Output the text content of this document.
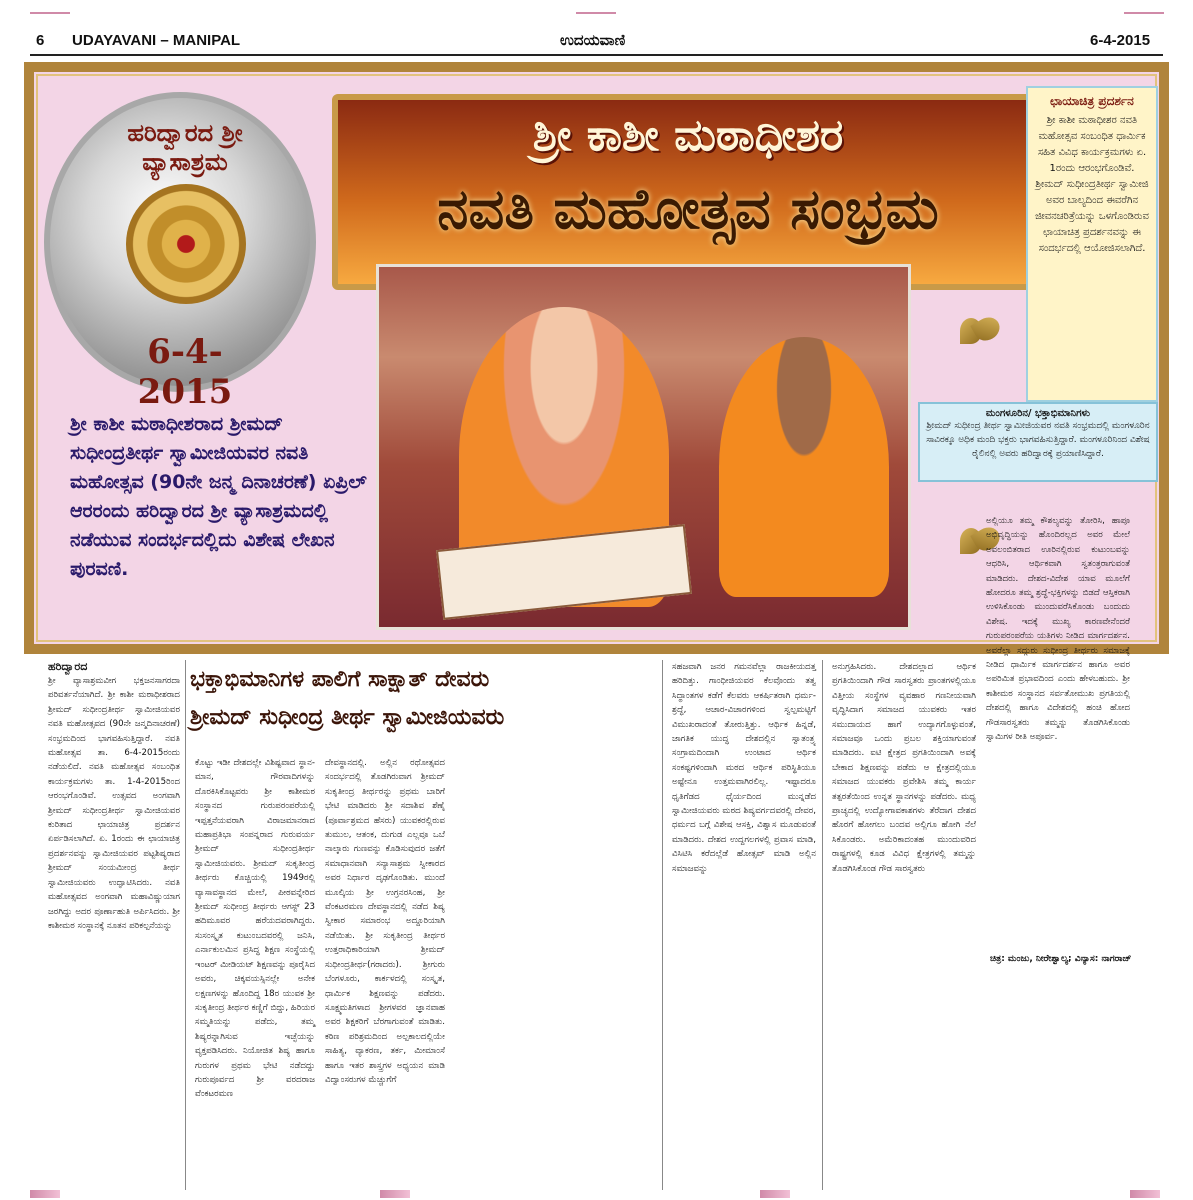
6 UDAYAVANI – MANIPAL	ಉದಯವಾಣಿ	6-4-2015
ಹರಿದ್ವಾರದ ಶ್ರೀ ವ್ಯಾಸಾಶ್ರಮ
6-4-2015
ಶ್ರೀ ಕಾಶೀ ಮಠಾಧೀಶರ
ನವತಿ ಮಹೋತ್ಸವ ಸಂಭ್ರಮ

ಶ್ರೀ ಕಾಶೀ ಮಠಾಧೀಶರಾದ ಶ್ರೀಮದ್ ಸುಧೀಂದ್ರತೀರ್ಥ ಸ್ವಾಮೀಜಿಯವರ ನವತಿ ಮಹೋತ್ಸವ (90ನೇ ಜನ್ಮ ದಿನಾಚರಣೆ) ಏಪ್ರಿಲ್ ಆರರಂದು ಹರಿದ್ವಾರದ ಶ್ರೀ ವ್ಯಾಸಾಶ್ರಮದಲ್ಲಿ ನಡೆಯುವ ಸಂದರ್ಭದಲ್ಲಿದು ವಿಶೇಷ ಲೇಖನ ಪುರವಣಿ.

ಛಾಯಾಚಿತ್ರ ಪ್ರದರ್ಶನ

ಶ್ರೀ ಕಾಶೀ ಮಠಾಧೀಶರ ನವತಿ ಮಹೋತ್ಸವ ಸಂಬಂಧಿತ ಧಾರ್ಮಿಕ ಸಹಿತ ವಿವಿಧ ಕಾರ್ಯಕ್ರಮಗಳು ಏ. 1ರಂದು ಆರಂಭಗೊಂಡಿವೆ. ಶ್ರೀಮದ್ ಸುಧೀಂದ್ರತೀರ್ಥ ಸ್ವಾಮೀಜಿ ಅವರ ಬಾಲ್ಯದಿಂದ ಈವರೆಗಿನ ಜೀವನಚರಿತ್ರೆಯನ್ನು ಒಳಗೊಂಡಿರುವ ಛಾಯಾಚಿತ್ರ ಪ್ರದರ್ಶನವನ್ನು ಈ ಸಂದರ್ಭದಲ್ಲಿ ಆಯೋಜಿಸಲಾಗಿದೆ.

ಮಂಗಳೂರಿನ/ ಭಕ್ತಾಭಿಮಾನಿಗಳು

ಶ್ರೀಮದ್ ಸುಧೀಂದ್ರ ತೀರ್ಥ ಸ್ವಾಮೀಜಿಯವರ ನವತಿ ಸಂಭ್ರಮದಲ್ಲಿ ಮಂಗಳೂರಿನ ಸಾವಿರಕ್ಕೂ ಅಧಿಕ ಮಂದಿ ಭಕ್ತರು ಭಾಗವಹಿಸುತ್ತಿದ್ದಾರೆ. ಮಂಗಳೂರಿನಿಂದ ವಿಶೇಷ ರೈಲಿನಲ್ಲಿ ಅವರು ಹರಿದ್ವಾರಕ್ಕೆ ಪ್ರಯಾಣಿಸಿದ್ದಾರೆ.

ಹರಿದ್ವಾರದ
ಶ್ರೀ ವ್ಯಾಸಾಶ್ರಮವೀಗ ಭಕ್ತಜನಸಾಗರದಾ ಪರಿವರ್ತನೆಯಾಗಿದೆ. ಶ್ರೀ ಕಾಶೀ ಮಠಾಧೀಶರಾದ ಶ್ರೀಮದ್ ಸುಧೀಂದ್ರತೀರ್ಥ ಸ್ವಾಮೀಜಿಯವರ ನವತಿ ಮಹೋತ್ಸವದ (90ನೇ ಜನ್ಮದಿನಾಚರಣೆ) ಸಂಭ್ರಮದಿಂದ ಭಾಗವಹಿಸುತ್ತಿದ್ದಾರೆ. ನವತಿ ಮಹೋತ್ಸವ ತಾ. 6-4-2015ರಂದು ನಡೆಯಲಿದೆ. ನವತಿ ಮಹೋತ್ಸವ ಸಂಬಂಧಿತ ಕಾರ್ಯಕ್ರಮಗಳು ತಾ. 1-4-2015ರಿಂದ ಆರಂಭಗೊಂಡಿವೆ. ಉತ್ಸವದ ಅಂಗವಾಗಿ ಶ್ರೀಮದ್ ಸುಧೀಂದ್ರತೀರ್ಥ ಸ್ವಾಮೀಜಿಯವರ ಕುರಿತಾದ ಛಾಯಾಚಿತ್ರ ಪ್ರದರ್ಶನ ಏರ್ಪಡಿಸಲಾಗಿದೆ. ಏ. 1ರಂದು ಈ ಛಾಯಾಚಿತ್ರ ಪ್ರದರ್ಶನವನ್ನು ಸ್ವಾಮೀಜಿಯವರ ಪಟ್ಟಶಿಷ್ಯರಾದ ಶ್ರೀಮದ್ ಸಂಯಮೀಂದ್ರ ತೀರ್ಥ ಸ್ವಾಮೀಜಿಯವರು ಉದ್ಘಾಟಿಸಿದರು. ನವತಿ ಮಹೋತ್ಸವದ ಅಂಗವಾಗಿ ಮಹಾವಿಷ್ಣುಯಾಗ ಜರಗಿದ್ದು ಅದರ ಪೂರ್ಣಾಹುತಿ ಅರ್ಪಿಸಿದರು. ಶ್ರೀ ಕಾಶೀಮಠ ಸಂಸ್ಥಾನಕ್ಕೆ ನೂತನ ಪರಿಕಲ್ಪನೆಯನ್ನು
ಭಕ್ತಾಭಿಮಾನಿಗಳ ಪಾಲಿಗೆ ಸಾಕ್ಷಾತ್ ದೇವರು
ಶ್ರೀಮದ್ ಸುಧೀಂದ್ರ ತೀರ್ಥ ಸ್ವಾಮೀಜಿಯವರು
ಕೊಟ್ಟು ಇಡೀ ದೇಶದಲ್ಲೇ ವಿಶಿಷ್ಟವಾದ ಸ್ಥಾನ-ಮಾನ, ಗೌರವಾದಿಗಳನ್ನು ದೊರಕಿಸಿಕೊಟ್ಟವರು ಶ್ರೀ ಕಾಶೀಮಠ ಸಂಸ್ಥಾನದ ಗುರುಪರಂಪರೆಯಲ್ಲಿ ಇಪ್ಪತ್ತನೆಯವರಾಗಿ ವಿರಾಜಮಾನರಾದ ಮಹಾಪ್ರತಿಭಾ ಸಂಪನ್ನರಾದ ಗುರುವರ್ಯ ಶ್ರೀಮದ್ ಸುಧೀಂದ್ರತೀರ್ಥ ಸ್ವಾಮೀಜಿಯವರು. ಶ್ರೀಮದ್ ಸುಕೃತೀಂದ್ರ ತೀರ್ಥರು ಕೊಚ್ಚಿಯಲ್ಲಿ 1949ರಲ್ಲಿ ವ್ಯಾಸಾವಸ್ಥಾನದ ಮೇಲೆ, ಪೀಠವನ್ನೇರಿದ ಶ್ರೀಮದ್ ಸುಧೀಂದ್ರ ತೀರ್ಥರು ಆಗಸ್ಟ್ 23 ಹದಿಮೂವರ ಹರೆಯದವರಾಗಿದ್ದರು. ಸುಸಂಸ್ಕೃತ ಕುಟುಂಬದವರಲ್ಲಿ ಜನಿಸಿ, ಎರ್ನಾಕುಲಮಿನ ಪ್ರಸಿದ್ಧ ಶಿಕ್ಷಣ ಸಂಸ್ಥೆಯಲ್ಲಿ ಇಂಟರ್ ಮೀಡಿಯಟ್ ಶಿಕ್ಷಣವನ್ನು ಪೂರೈಸಿದ ಅವರು, ಚಿಕ್ಕವಯಸ್ಸಿನಲ್ಲೇ ಅನೇಕ ಲಕ್ಷಣಗಳನ್ನು ಹೊಂದಿದ್ದ 18ರ ಯುವಕ ಶ್ರೀ ಸುಕೃತೀಂದ್ರ ತೀರ್ಥರ ಕಣ್ಣಿಗೆ ಬಿದ್ದು, ಹಿರಿಯರ ಸಮ್ಮತಿಯನ್ನು ಪಡೆದು, ತಮ್ಮ ಶಿಷ್ಯರನ್ನಾಗಿಸುವ ಇಚ್ಛೆಯನ್ನು ವ್ಯಕ್ತಪಡಿಸಿದರು. ನಿಯೋಜಿತ ಶಿಷ್ಯ ಹಾಗೂ ಗುರುಗಳ ಪ್ರಥಮ ಭೇಟಿ ನಡೆದದ್ದು ಗುರುಪೂರ್ವದ ಶ್ರೀ ವರದರಾಜ ವೆಂಕಟರಮಣ
ದೇವಸ್ಥಾನದಲ್ಲಿ. ಅಲ್ಲಿನ ರಥೋತ್ಸವದ ಸಂದರ್ಭದಲ್ಲಿ ತೊಡಗಿರುವಾಗ ಶ್ರೀಮದ್ ಸುಕೃತೀಂದ್ರ ತೀರ್ಥರನ್ನು ಪ್ರಥಮ ಬಾರಿಗೆ ಭೇಟಿ ಮಾಡಿದರು ಶ್ರೀ ಸದಾಶಿವ ಶೆಣೈ (ಪೂರ್ವಾಶ್ರಮದ ಹೆಸರು) ಯುವಕರಲ್ಲಿರುವ ತುಮುಲ, ಆತಂಕ, ದುಗುಡ ಎಲ್ಲವೂ ಒಬೆ ನಾಲ್ಕಾರು ಗುಣವನ್ನು ಕೊಡಿಸುವುದರ ಜತೆಗೆ ಸಮಾಧಾನವಾಗಿ ಸನ್ಯಾಸಾಶ್ರಮ ಸ್ವೀಕಾರದ ಅವರ ನಿರ್ಧಾರ ದೃಢಗೊಂಡಿತು. ಮುಂದೆ ಮೂಲ್ಕಿಯ ಶ್ರೀ ಉಗ್ರನರಸಿಂಹ, ಶ್ರೀ ವೆಂಕಟರಮಣ ದೇವಸ್ಥಾನದಲ್ಲಿ ನಡೆದ ಶಿಷ್ಯ ಸ್ವೀಕಾರ ಸಮಾರಂಭ ಅದ್ದೂರಿಯಾಗಿ ನಡೆಯಿತು. ಶ್ರೀ ಸುಕೃತೀಂದ್ರ ತೀರ್ಥರ ಉತ್ತರಾಧಿಕಾರಿಯಾಗಿ ಶ್ರೀಮದ್ ಸುಧೀಂದ್ರತೀರ್ಥ(ಗರಾದರು). ಶ್ರೀಗುರು ಬೆಂಗಳೂರು, ಕಾರ್ಕಳದಲ್ಲಿ ಸಂಸ್ಕೃತ, ಧಾರ್ಮಿಕ ಶಿಕ್ಷಣವನ್ನು ಪಡೆದರು. ಸೂಕ್ಷ್ಮಮತಿಗಳಾದ ಶ್ರೀಗಳವರ ಜ್ಞಾನವಾಹ ಅವರ ಶಿಕ್ಷಕರಿಗೆ ಬೆರಗಾಗುವಂತೆ ಮಾಡಿತು. ಕಠಿಣ ಪರಿಶ್ರಮದಿಂದ ಅಲ್ಪಕಾಲದಲ್ಲಿಯೇ ಸಾಹಿತ್ಯ, ವ್ಯಾಕರಣ, ತರ್ಕ, ಮೀಮಾಂಸೆ ಹಾಗೂ ಇತರ ಶಾಸ್ತ್ರಗಳ ಅಧ್ಯಯನ ಮಾಡಿ ವಿದ್ವಾಂಸರುಗಳ ಮೆಚ್ಚುಗೆಗೆ
ಸಹಜವಾಗಿ ಜನರ ಗಮನವೆಲ್ಲಾ ರಾಜಕೀಯದತ್ತ ಹರಿದಿತ್ತು. ಗಾಂಧೀಜಿಯವರ ಕೆಲವೊಂದು ತತ್ವ ಸಿದ್ಧಾಂತಗಳ ಕಡೆಗೆ ಕೆಲವರು ಆಕರ್ಷಿತರಾಗಿ ಧರ್ಮ-ಶ್ರದ್ಧೆ, ಆಚಾರ-ವಿಚಾರಗಳಿಂದ ಸ್ವಲ್ಪಮಟ್ಟಿಗೆ ವಿಮುಖರಾದಂತೆ ತೋರುತ್ತಿತ್ತು. ಆರ್ಥಿಕ ಹಿನ್ನಡೆ, ಜಾಗತಿಕ ಯುದ್ಧ ದೇಶದಲ್ಲಿನ ಸ್ವಾತಂತ್ರ್ಯ ಸಂಗ್ರಾಮದಿಂದಾಗಿ ಉಂಟಾದ ಆರ್ಥಿಕ ಸಂಕಷ್ಟಗಳಿಂದಾಗಿ ಮಠದ ಆರ್ಥಿಕ ಪರಿಸ್ಥಿತಿಯೂ ಅಷ್ಟೇನೂ ಉತ್ತಮವಾಗಿರಲಿಲ್ಲ. ಇಷ್ಟಾದರೂ ಧೃತಿಗೆಡದ ಧೈರ್ಯದಿಂದ ಮುನ್ನಡೆದ ಸ್ವಾಮೀಜಿಯವರು ಮಠದ ಶಿಷ್ಯವರ್ಗದವರಲ್ಲಿ ದೇವರ, ಧರ್ಮದ ಬಗ್ಗೆ ವಿಶೇಷ ಆಸಕ್ತಿ, ವಿಶ್ವಾಸ ಮೂಡುವಂತೆ ಮಾಡಿದರು. ದೇಶದ ಉದ್ದಗಲಗಳಲ್ಲಿ ಪ್ರವಾಸ ಮಾಡಿ, ವಿಸಿಟಿಸಿ ಕರೆದಲ್ಲೆಡೆ ಹೋತ್ಸವ್ ಮಾಡಿ ಅಲ್ಲಿನ ಸಮಾಜವನ್ನು
ಅನುಗ್ರಹಿಸಿದರು. ದೇಶದಲ್ಲಾದ ಆರ್ಥಿಕ ಪ್ರಗತಿಯಿಂದಾಗಿ ಗೌಡ ಸಾರಸ್ವತರು ಪ್ರಾಂತಗಳಲ್ಲಿಯೂ ವಿತ್ತೀಯ ಸಂಸ್ಥೆಗಳ ವ್ಯವಹಾರ ಗಣನೀಯವಾಗಿ ವೃದ್ಧಿಸಿದಾಗ ಸಮಾಜದ ಯುವಕರು ಇತರ ಸಮುದಾಯದ ಹಾಗೆ ಉದ್ಯಾಗಗೊಳ್ಳುವಂತೆ, ಸಮಾಜವೂ ಒಂದು ಪ್ರಬಲ ಶಕ್ತಿಯಾಗುವಂತೆ ಮಾಡಿದರು. ಐಟಿ ಕ್ಷೇತ್ರದ ಪ್ರಗತಿಯಿಂದಾಗಿ ಅವಕ್ಕೆ ಬೇಕಾದ ಶಿಕ್ಷಣವನ್ನು ಪಡೆದು ಆ ಕ್ಷೇತ್ರದಲ್ಲಿಯೂ ಸಮಾಜದ ಯುವಕರು ಪ್ರವೇಶಿಸಿ ತಮ್ಮ ಕಾರ್ಯ ತತ್ಪರತೆಯಿಂದ ಉನ್ನತ ಸ್ಥಾನಗಳನ್ನು ಪಡೆದರು. ಮಧ್ಯ ಪ್ರಾಚ್ಯದಲ್ಲಿ ಉದ್ಯೋಗಾವಕಾಶಗಳು ತೆರೆದಾಗ ದೇಶದ ಹೊರಗೆ ಹೋಗಲು ಬಂದವ ಅಲ್ಲಿಗೂ ಹೋಗಿ ನೆಲೆ ಸಿಕೊಂಡರು. ಅಮೆರಿಕಾದಂತಹ ಮುಂದುವರಿದ ರಾಷ್ಟ್ರಗಳಲ್ಲಿ ಕೂಡ ವಿವಿಧ ಕ್ಷೇತ್ರಗಳಲ್ಲಿ ತಮ್ಮನ್ನು ತೊಡಗಿಸಿಕೊಂಡ ಗೌಡ ಸಾರಸ್ವತರು
ಅಲ್ಲಿಯೂ ತಮ್ಮ ಕೌಶಲ್ಯವನ್ನು ತೋರಿಸಿ, ಹಾಪೂ ಅಭಿವೃದ್ಧಿಯನ್ನು ಹೊಂದಿರಲ್ಲದ ಅವರ ಮೇಲೆ ಅವಲಂಬಿತರಾದ ಊರಿನಲ್ಲಿರುವ ಕುಟುಂಬವನ್ನು ಆಧರಿಸಿ, ಆರ್ಥಿಕವಾಗಿ ಸ್ವತಂತ್ರರಾಗುವಂತೆ ಮಾಡಿದರು. ದೇಶದ-ವಿದೇಶ ಯಾವ ಮೂಲೆಗೆ ಹೋದರೂ ತಮ್ಮ ಶ್ರದ್ಧೆ-ಭಕ್ತಿಗಳನ್ನು ಬಿಡದೆ ಆಸ್ತಿಕರಾಗಿ ಉಳಿಸಿಕೊಂಡು ಮುಂದುವರೆಸಿಕೊಂಡು ಬಂದುದು ವಿಶೇಷ. ಇದಕ್ಕೆ ಮುಖ್ಯ ಕಾರಣವೇನೆಂದರೆ ಗುರುಪರಂಪರೆಯ ಯತಿಗಳು ನೀಡಿದ ಮಾರ್ಗದರ್ಶನ. ಅವರೆಲ್ಲಾ ಸದ್ಗುರು ಸುಧೀಂದ್ರ ತೀರ್ಥರು ಸಮಾಜಕ್ಕೆ ನೀಡಿದ ಧಾರ್ಮಿಕ ಮಾರ್ಗದರ್ಶನ ಹಾಗೂ ಅವರ ಅಪರಿಮಿತ ಪ್ರಭಾವದಿಂದ ಎಂದು ಹೇಳಬಹುದು. ಶ್ರೀ ಕಾಶೀಮಠ ಸಂಸ್ಥಾನದ ಸರ್ವತೋಮುಖ ಪ್ರಗತಿಯಲ್ಲಿ ದೇಶದಲ್ಲಿ ಹಾಗೂ ವಿದೇಶದಲ್ಲಿ ಹಂಚಿ ಹೋದ ಗೌಡಸಾರಸ್ವತರು ತಮ್ಮನ್ನು ತೊಡಗಿಸಿಕೊಂಡು ಸ್ವಾಮಿಗಳ ರೀತಿ ಅಪೂರ್ವ.
ಚಿತ್ರ: ಮಂಜು, ನೀರೇಶ್ವಾಲ್ಯ; ವಿನ್ಯಾಸ: ನಾಗರಾಜ್
